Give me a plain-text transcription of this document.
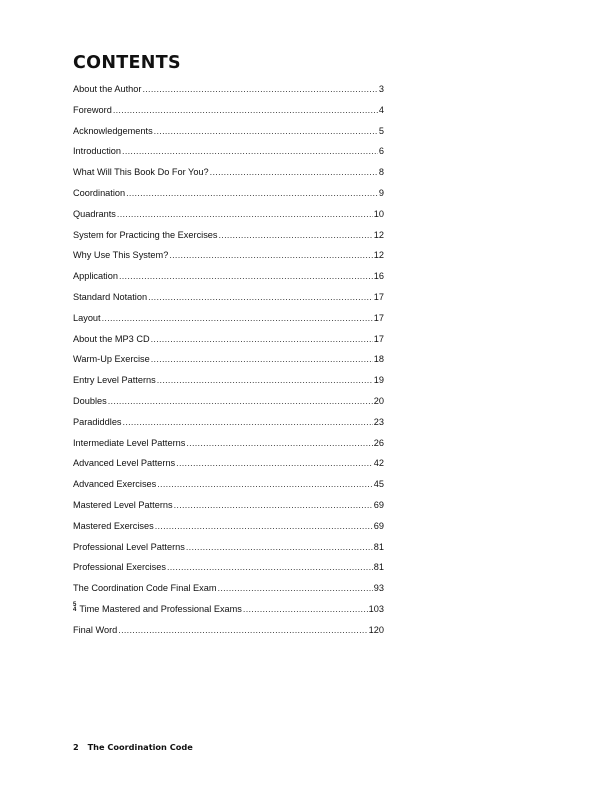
CONTENTS
About the Author .....	3
Foreword .....	4
Acknowledgements .....	5
Introduction .....	6
What Will This Book Do For You? .....	8
Coordination .....	9
Quadrants .....	10
System for Practicing the Exercises .....	12
Why Use This System? .....	12
Application .....	16
Standard Notation .....	17
Layout .....	17
About the MP3 CD .....	17
Warm-Up Exercise .....	18
Entry Level Patterns .....	19
Doubles .....	20
Paradiddles .....	23
Intermediate Level Patterns .....	26
Advanced Level Patterns .....	42
Advanced Exercises .....	45
Mastered Level Patterns .....	69
Mastered Exercises .....	69
Professional Level Patterns .....	81
Professional Exercises .....	81
The Coordination Code Final Exam .....	93
5
4 Time Mastered and Professional Exams .....	103
Final Word .....	120
2 The Coordination Code
